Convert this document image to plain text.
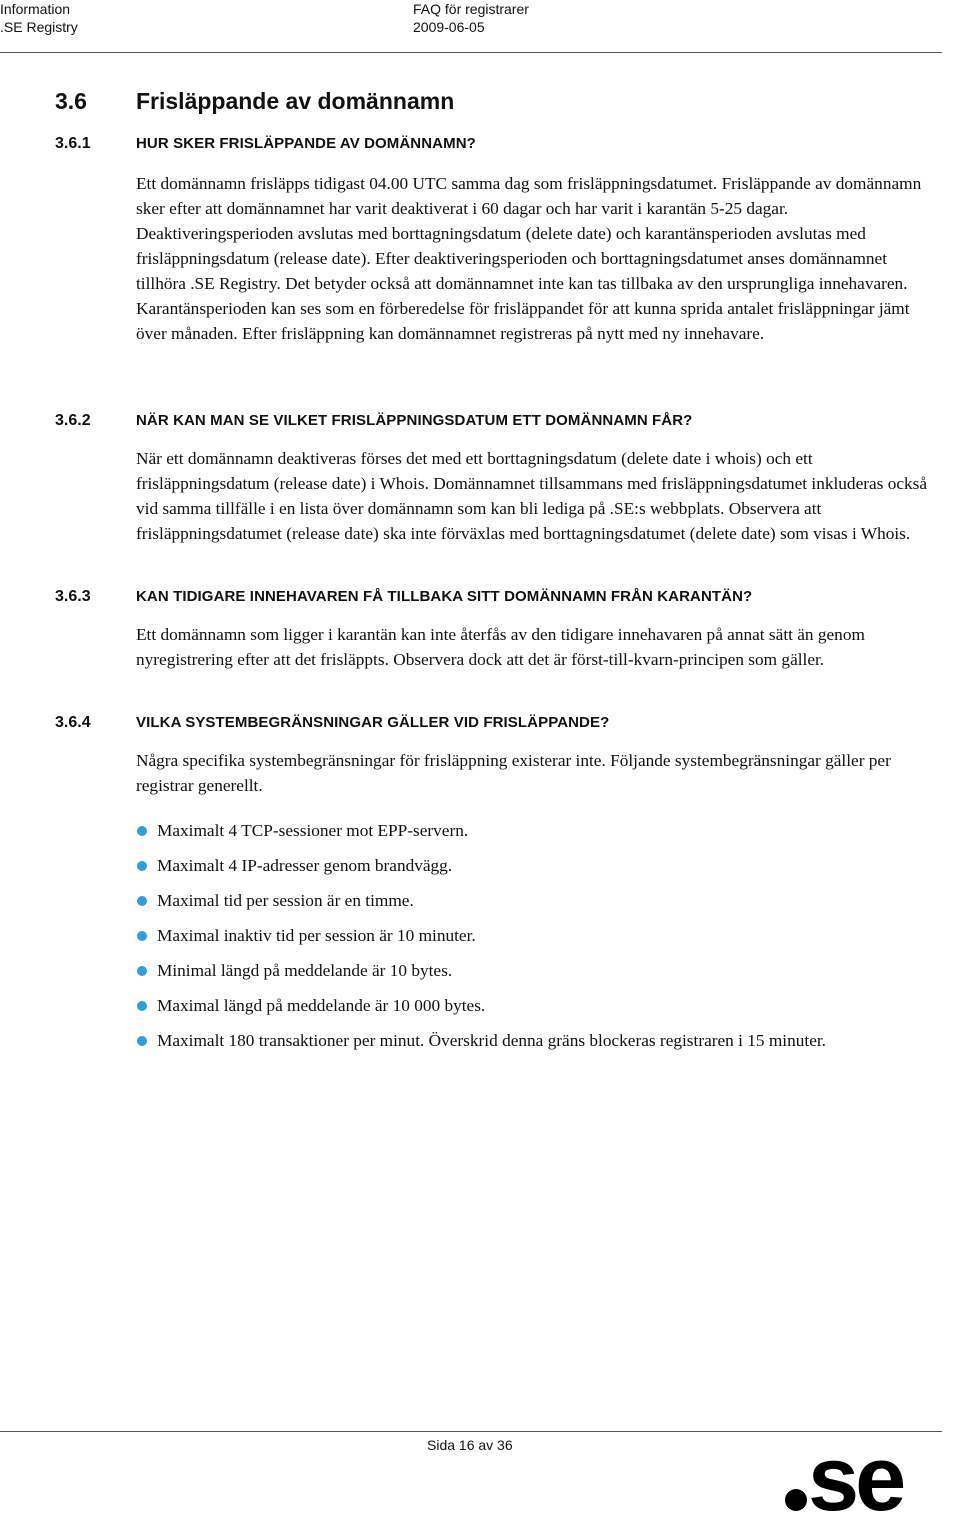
Information
.SE Registry
FAQ för registrarer
2009-06-05
3.6 Frisläppande av domännamn
3.6.1	HUR SKER FRISLÄPPANDE AV DOMÄNNAMN?

Ett domännamn frisläpps tidigast 04.00 UTC samma dag som frisläppningsdatumet. Frisläppande av domännamn sker efter att domännamnet har varit deaktiverat i 60 dagar och har varit i karantän 5-25 dagar. Deaktiveringsperioden avslutas med borttagningsdatum (delete date) och karantänsperioden avslutas med frisläppningsdatum (release date). Efter deaktiveringsperioden och borttagningsdatumet anses domännamnet tillhöra .SE Registry. Det betyder också att domännamnet inte kan tas tillbaka av den ursprungliga innehavaren. Karantänsperioden kan ses som en förberedelse för frisläppandet för att kunna sprida antalet frisläppningar jämt över månaden. Efter frisläppning kan domännamnet registreras på nytt med ny innehavare.

3.6.2	NÄR KAN MAN SE VILKET FRISLÄPPNINGSDATUM ETT DOMÄNNAMN FÅR?

När ett domännamn deaktiveras förses det med ett borttagningsdatum (delete date i whois) och ett frisläppningsdatum (release date) i Whois. Domännamnet tillsammans med frisläppningsdatumet inkluderas också vid samma tillfälle i en lista över domännamn som kan bli lediga på .SE:s webbplats. Observera att frisläppningsdatumet (release date) ska inte förväxlas med borttagningsdatumet (delete date) som visas i Whois.

3.6.3	KAN TIDIGARE INNEHAVAREN FÅ TILLBAKA SITT DOMÄNNAMN FRÅN KARANTÄN?

Ett domännamn som ligger i karantän kan inte återfås av den tidigare innehavaren på annat sätt än genom nyregistrering efter att det frisläppts. Observera dock att det är först-till-kvarn-principen som gäller.

3.6.4	VILKA SYSTEMBEGRÄNSNINGAR GÄLLER VID FRISLÄPPANDE?

Några specifika systembegränsningar för frisläppning existerar inte. Följande systembegränsningar gäller per registrar generellt.

Maximalt 4 TCP-sessioner mot EPP-servern.
Maximalt 4 IP-adresser genom brandvägg.
Maximal tid per session är en timme.
Maximal inaktiv tid per session är 10 minuter.
Minimal längd på meddelande är 10 bytes.
Maximal längd på meddelande är 10 000 bytes.
Maximalt 180 transaktioner per minut. Överskrid denna gräns blockeras registraren i 15 minuter.
Sida 16 av 36	se
